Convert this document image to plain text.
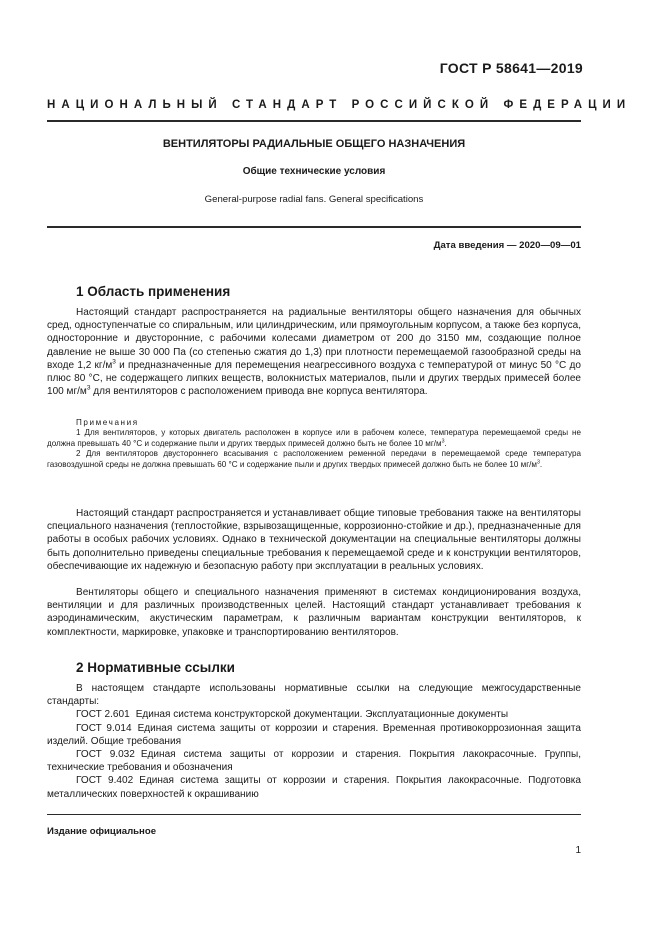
ГОСТ Р 58641—2019
НАЦИОНАЛЬНЫЙ СТАНДАРТ РОССИЙСКОЙ ФЕДЕРАЦИИ
ВЕНТИЛЯТОРЫ РАДИАЛЬНЫЕ ОБЩЕГО НАЗНАЧЕНИЯ
Общие технические условия
General-purpose radial fans. General specifications
Дата введения — 2020—09—01
1 Область применения

Настоящий стандарт распространяется на радиальные вентиляторы общего назначения для обычных сред, одноступенчатые со спиральным, или цилиндрическим, или прямоугольным корпусом, а также без корпуса, односторонние и двусторонние, с рабочими колесами диаметром от 200 до 3150 мм, создающие полное давление не выше 30 000 Па (со степенью сжатия до 1,3) при плотности перемещаемой газообразной среды на входе 1,2 $кг/м^3$ и предназначенные для перемещения неагрессивного воздуха с температурой от минус 50 °C до плюс 80 °C, не содержащего липких веществ, волокнистых материалов, пыли и других твердых примесей более 100 $мг/м^3$ для вентиляторов с расположением привода вне корпуса вентилятора.

Примечания

1 Для вентиляторов, у которых двигатель расположен в корпусе или в рабочем колесе, температура перемещаемой среды не должна превышать 40 °C и содержание пыли и других твердых примесей должно быть не более 10 $мг/м^3$.

2 Для вентиляторов двустороннего всасывания с расположением ременной передачи в перемещаемой среде температура газовоздушной среды не должна превышать 60 °C и содержание пыли и других твердых примесей должно быть не более 10 $мг/м^3$.

Настоящий стандарт распространяется и устанавливает общие типовые требования также на вентиляторы специального назначения (теплостойкие, взрывозащищенные, коррозионно-стойкие и др.), предназначенные для работы в особых рабочих условиях. Однако в технической документации на специальные вентиляторы должны быть дополнительно приведены специальные требования к перемещаемой среде и к конструкции вентиляторов, обеспечивающие их надежную и безопасную работу при эксплуатации в реальных условиях.

Вентиляторы общего и специального назначения применяют в системах кондиционирования воздуха, вентиляции и для различных производственных целей. Настоящий стандарт устанавливает требования к аэродинамическим, акустическим параметрам, к различным вариантам конструкции вентиляторов, к комплектности, маркировке, упаковке и транспортированию вентиляторов.

2 Нормативные ссылки

В настоящем стандарте использованы нормативные ссылки на следующие межгосударственные стандарты:

ГОСТ 2.601 Единая система конструкторской документации. Эксплуатационные документы

ГОСТ 9.014 Единая система защиты от коррозии и старения. Временная противокоррозионная защита изделий. Общие требования

ГОСТ 9.032 Единая система защиты от коррозии и старения. Покрытия лакокрасочные. Группы, технические требования и обозначения

ГОСТ 9.402 Единая система защиты от коррозии и старения. Покрытия лакокрасочные. Подготовка металлических поверхностей к окрашиванию

Издание официальное
1
